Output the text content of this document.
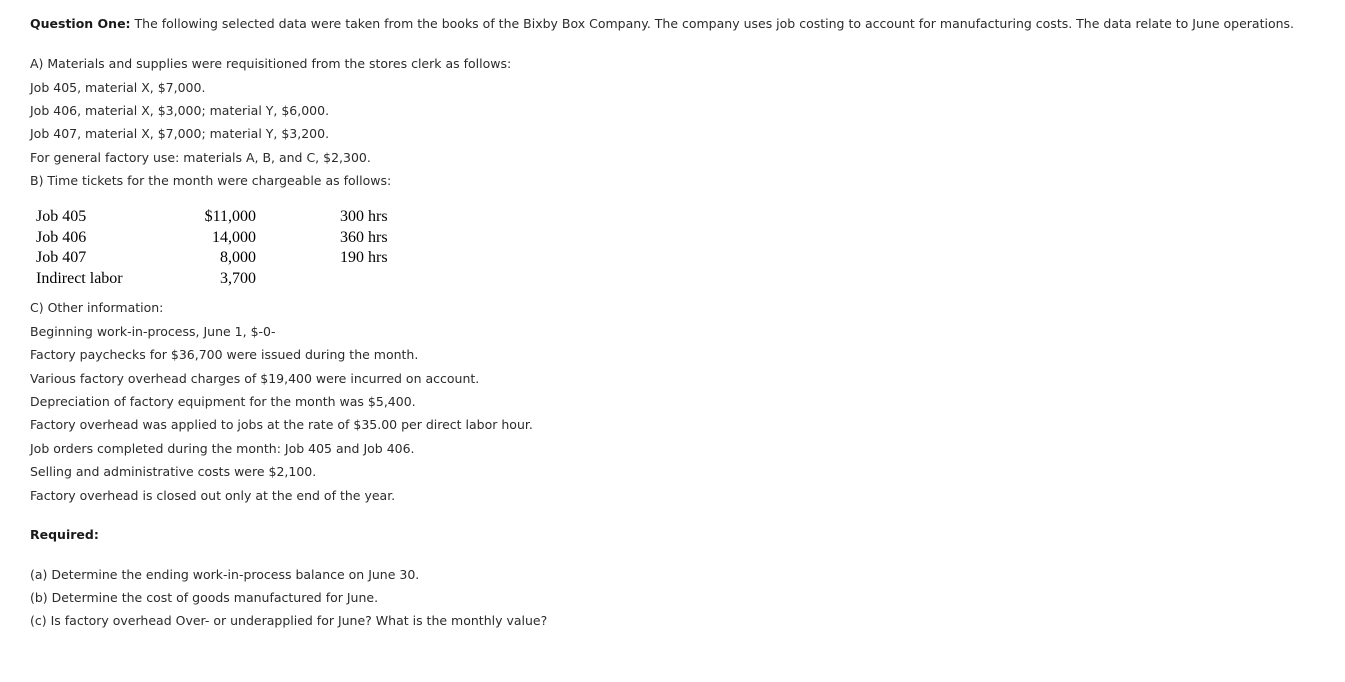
Question One: The following selected data were taken from the books of the Bixby Box Company. The company uses job costing to account for manufacturing costs. The data relate to June operations.
A) Materials and supplies were requisitioned from the stores clerk as follows:
Job 405, material X, $7,000.
Job 406, material X, $3,000; material Y, $6,000.
Job 407, material X, $7,000; material Y, $3,200.
For general factory use: materials A, B, and C, $2,300.
B) Time tickets for the month were chargeable as follows:
Job 405	$11,000		300 hrs
Job 406	14,000		360 hrs
Job 407	8,000		190 hrs
Indirect labor	3,700		
C) Other information:
Beginning work-in-process, June 1, $-0-
Factory paychecks for $36,700 were issued during the month.
Various factory overhead charges of $19,400 were incurred on account.
Depreciation of factory equipment for the month was $5,400.
Factory overhead was applied to jobs at the rate of $35.00 per direct labor hour.
Job orders completed during the month: Job 405 and Job 406.
Selling and administrative costs were $2,100.
Factory overhead is closed out only at the end of the year.
Required:
(a) Determine the ending work-in-process balance on June 30.
(b) Determine the cost of goods manufactured for June.
(c) Is factory overhead Over- or underapplied for June? What is the monthly value?
